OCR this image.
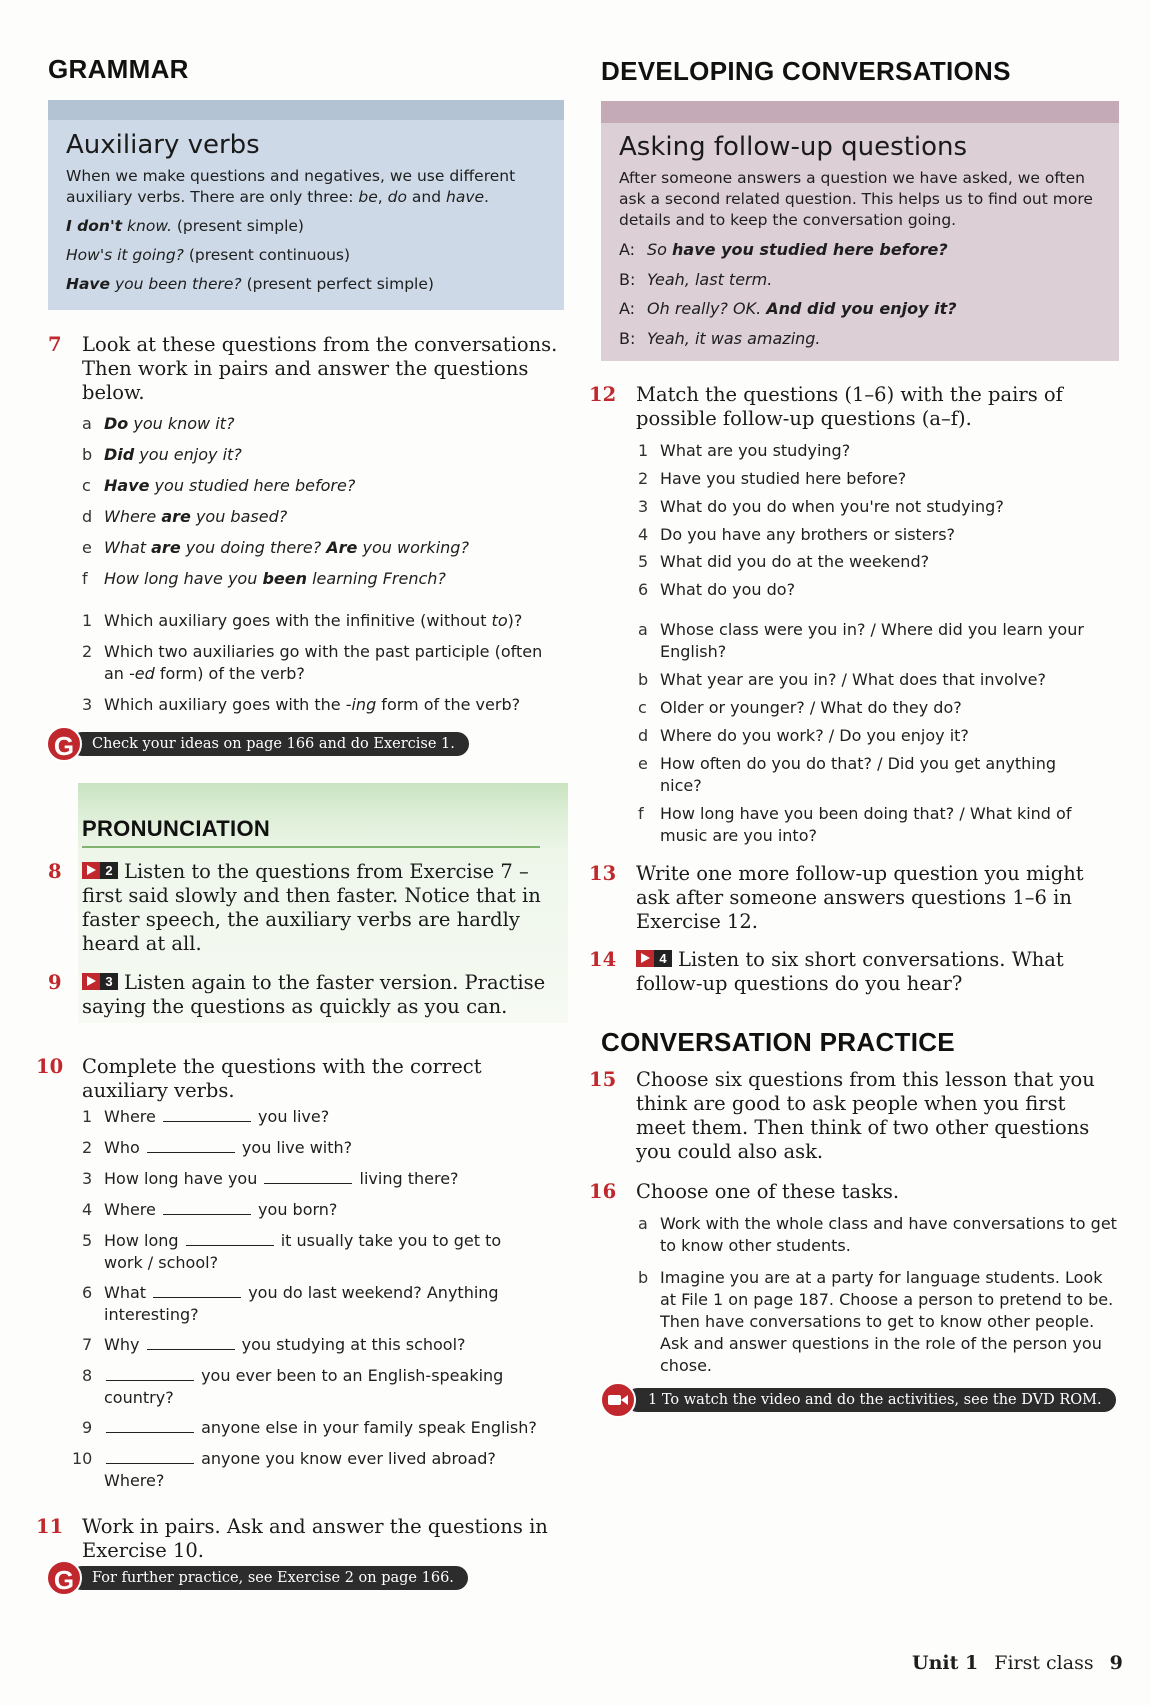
GRAMMAR
Auxiliary verbs

When we make questions and negatives, we use different auxiliary verbs. There are only three: be, do and have.

I don't know. (present simple)

How's it going? (present continuous)

Have you been there? (present perfect simple)

7 Look at these questions from the conversations. Then work in pairs and answer the questions below.
a Do you know it?
b Did you enjoy it?
c Have you studied here before?
d Where are you based?
e What are you doing there? Are you working?
f How long have you been learning French?
1 Which auxiliary goes with the infinitive (without to)?
2 Which two auxiliaries go with the past participle (often an -ed form) of the verb?
3 Which auxiliary goes with the -ing form of the verb?
Check your ideas on page 166 and do Exercise 1.
G
PRONUNCIATION
8	2 Listen to the questions from Exercise 7 – first said slowly and then faster. Notice that in faster speech, the auxiliary verbs are hardly heard at all.
9	3 Listen again to the faster version. Practise saying the questions as quickly as you can.
10 Complete the questions with the correct auxiliary verbs.
1 Where	you live?
2 Who	you live with?
3 How long have you	living there?
4 Where	you born?
5 How long	it usually take you to get to work / school?
6 What	you do last weekend? Anything interesting?
7 Why	you studying at this school?
8	you ever been to an English-speaking country?
9	anyone else in your family speak English?
10	anyone you know ever lived abroad? Where?
11 Work in pairs. Ask and answer the questions in Exercise 10.
For further practice, see Exercise 2 on page 166.
G
DEVELOPING CONVERSATIONS
Asking follow-up questions

After someone answers a question we have asked, we often ask a second related question. This helps us to find out more details and to keep the conversation going.

A: So have you studied here before?
B: Yeah, last term.
A: Oh really? OK. And did you enjoy it?
B: Yeah, it was amazing.
12 Match the questions (1–6) with the pairs of possible follow-up questions (a–f).
1 What are you studying?
2 Have you studied here before?
3 What do you do when you're not studying?
4 Do you have any brothers or sisters?
5 What did you do at the weekend?
6 What do you do?
a Whose class were you in? / Where did you learn your English?
b What year are you in? / What does that involve?
c Older or younger? / What do they do?
d Where do you work? / Do you enjoy it?
e How often do you do that? / Did you get anything nice?
f How long have you been doing that? / What kind of music are you into?
13 Write one more follow-up question you might ask after someone answers questions 1–6 in Exercise 12.
14	4 Listen to six short conversations. What follow-up questions do you hear?
CONVERSATION PRACTICE
15 Choose six questions from this lesson that you think are good to ask people when you first meet them. Then think of two other questions you could also ask.
16 Choose one of these tasks.
a Work with the whole class and have conversations to get to know other students.
b Imagine you are at a party for language students. Look at File 1 on page 187. Choose a person to pretend to be. Then have conversations to get to know other people. Ask and answer questions in the role of the person you chose.
1 To watch the video and do the activities, see the DVD ROM.
Unit 1 First class 9
